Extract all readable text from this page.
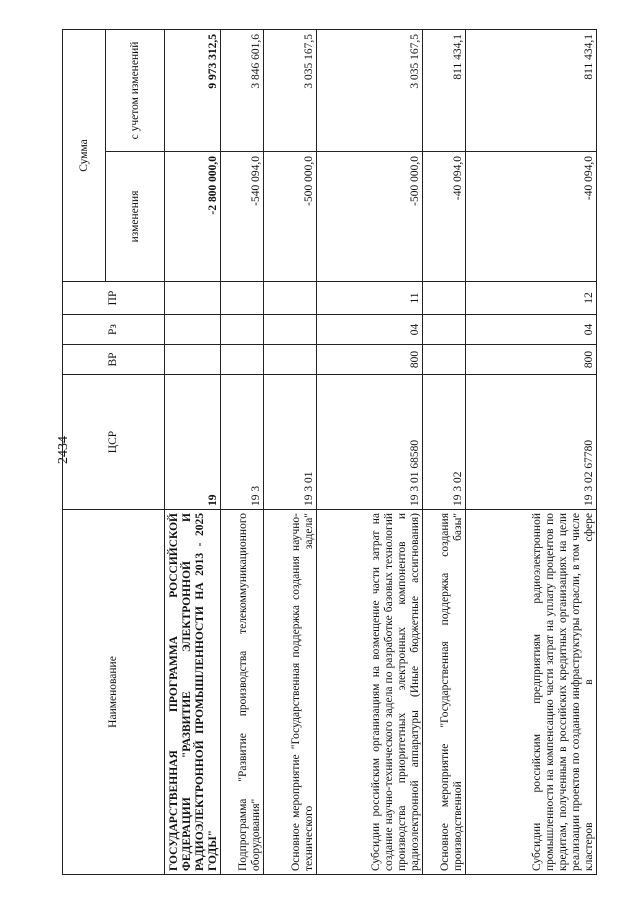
2434
Наименование	ЦСР	ВР	Рз	ПР	Сумма	
					изменения	с учетом изменений
ГОСУДАРСТВЕННАЯ ПРОГРАММА РОССИЙСКОЙ ФЕДЕРАЦИИ "РАЗВИТИЕ ЭЛЕКТРОННОЙ И РАДИОЭЛЕКТРОННОЙ ПРОМЫШЛЕННОСТИ НА 2013 - 2025 ГОДЫ"	19				-2 800 000,0	9 973 312,5
Подпрограмма "Развитие производства телекоммуникационного оборудования"	19 3				-540 094,0	3 846 601,6
Основное мероприятие "Государственная поддержка создания научно-технического задела"	19 3 01				-500 000,0	3 035 167,5
Субсидии российским организациям на возмещение части затрат на создание научно-технического задела по разработке базовых технологий производства приоритетных электронных компонентов и радиоэлектронной аппаратуры (Иные бюджетные ассигнования)	19 3 01 68580	800	04	11	-500 000,0	3 035 167,5
Основное мероприятие "Государственная поддержка создания производственной базы"	19 3 02				-40 094,0	811 434,1
Субсидии российским предприятиям радиоэлектронной промышленности на компенсацию части затрат на уплату процентов по кредитам, полученным в российских кредитных организациях на цели реализации проектов по созданию инфраструктуры отрасли, в том числе кластеров в сфере	19 3 02 67780	800	04	12	-40 094,0	811 434,1
